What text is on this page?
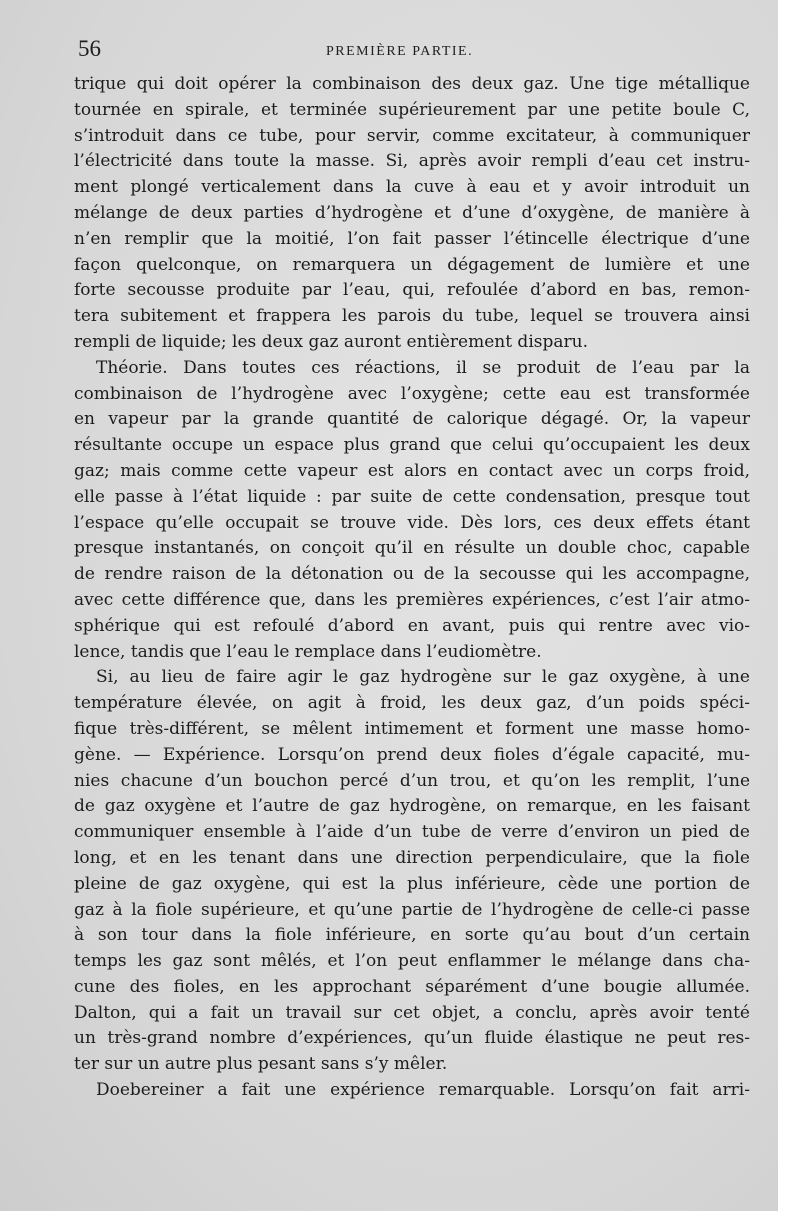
56	PREMIÈRE PARTIE.
trique qui doit opérer la combinaison des deux gaz. Une tige métallique
tournée en spirale, et terminée supérieurement par une petite boule C,
s’introduit dans ce tube, pour servir, comme excitateur, à communiquer
l’électricité dans toute la masse. Si, après avoir rempli d’eau cet instru-
ment plongé verticalement dans la cuve à eau et y avoir introduit un
mélange de deux parties d’hydrogène et d’une d’oxygène, de manière à
n’en remplir que la moitié, l’on fait passer l’étincelle électrique d’une
façon quelconque, on remarquera un dégagement de lumière et une
forte secousse produite par l’eau, qui, refoulée d’abord en bas, remon-
tera subitement et frappera les parois du tube, lequel se trouvera ainsi
rempli de liquide; les deux gaz auront entièrement disparu.
Théorie. Dans toutes ces réactions, il se produit de l’eau par la
combinaison de l’hydrogène avec l’oxygène; cette eau est transformée
en vapeur par la grande quantité de calorique dégagé. Or, la vapeur
résultante occupe un espace plus grand que celui qu’occupaient les deux
gaz; mais comme cette vapeur est alors en contact avec un corps froid,
elle passe à l’état liquide : par suite de cette condensation, presque tout
l’espace qu’elle occupait se trouve vide. Dès lors, ces deux effets étant
presque instantanés, on conçoit qu’il en résulte un double choc, capable
de rendre raison de la détonation ou de la secousse qui les accompagne,
avec cette différence que, dans les premières expériences, c’est l’air atmo-
sphérique qui est refoulé d’abord en avant, puis qui rentre avec vio-
lence, tandis que l’eau le remplace dans l’eudiomètre.
Si, au lieu de faire agir le gaz hydrogène sur le gaz oxygène, à une
température élevée, on agit à froid, les deux gaz, d’un poids spéci-
fique très-différent, se mêlent intimement et forment une masse homo-
gène. — Expérience. Lorsqu’on prend deux fioles d’égale capacité, mu-
nies chacune d’un bouchon percé d’un trou, et qu’on les remplit, l’une
de gaz oxygène et l’autre de gaz hydrogène, on remarque, en les faisant
communiquer ensemble à l’aide d’un tube de verre d’environ un pied de
long, et en les tenant dans une direction perpendiculaire, que la fiole
pleine de gaz oxygène, qui est la plus inférieure, cède une portion de
gaz à la fiole supérieure, et qu’une partie de l’hydrogène de celle-ci passe
à son tour dans la fiole inférieure, en sorte qu’au bout d’un certain
temps les gaz sont mêlés, et l’on peut enflammer le mélange dans cha-
cune des fioles, en les approchant séparément d’une bougie allumée.
Dalton, qui a fait un travail sur cet objet, a conclu, après avoir tenté
un très-grand nombre d’expériences, qu’un fluide élastique ne peut res-
ter sur un autre plus pesant sans s’y mêler.
Doebereiner a fait une expérience remarquable. Lorsqu’on fait arri-
